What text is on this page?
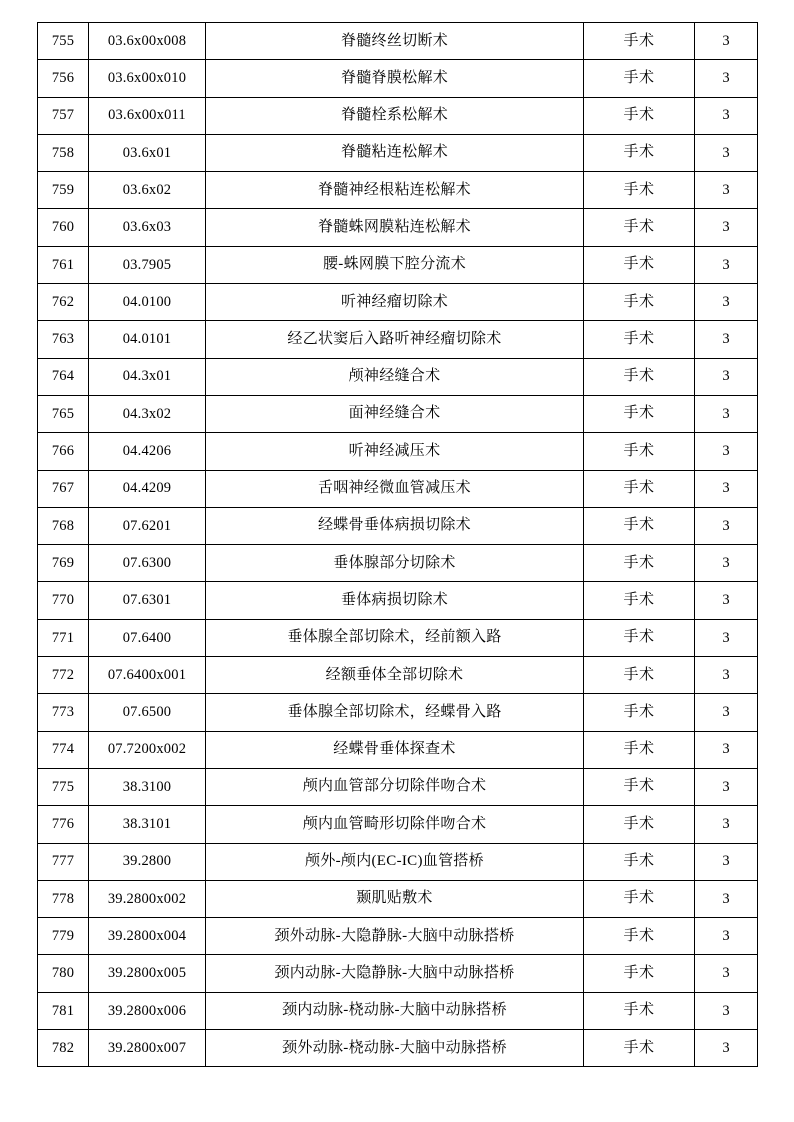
755	03.6x00x008	脊髓终丝切断术	手术	3
756	03.6x00x010	脊髓脊膜松解术	手术	3
757	03.6x00x011	脊髓栓系松解术	手术	3
758	03.6x01	脊髓粘连松解术	手术	3
759	03.6x02	脊髓神经根粘连松解术	手术	3
760	03.6x03	脊髓蛛网膜粘连松解术	手术	3
761	03.7905	腰-蛛网膜下腔分流术	手术	3
762	04.0100	听神经瘤切除术	手术	3
763	04.0101	经乙状窦后入路听神经瘤切除术	手术	3
764	04.3x01	颅神经缝合术	手术	3
765	04.3x02	面神经缝合术	手术	3
766	04.4206	听神经减压术	手术	3
767	04.4209	舌咽神经微血管减压术	手术	3
768	07.6201	经蝶骨垂体病损切除术	手术	3
769	07.6300	垂体腺部分切除术	手术	3
770	07.6301	垂体病损切除术	手术	3
771	07.6400	垂体腺全部切除术，经前额入路	手术	3
772	07.6400x001	经额垂体全部切除术	手术	3
773	07.6500	垂体腺全部切除术，经蝶骨入路	手术	3
774	07.7200x002	经蝶骨垂体探查术	手术	3
775	38.3100	颅内血管部分切除伴吻合术	手术	3
776	38.3101	颅内血管畸形切除伴吻合术	手术	3
777	39.2800	颅外-颅内(EC-IC)血管搭桥	手术	3
778	39.2800x002	颞肌贴敷术	手术	3
779	39.2800x004	颈外动脉-大隐静脉-大脑中动脉搭桥	手术	3
780	39.2800x005	颈内动脉-大隐静脉-大脑中动脉搭桥	手术	3
781	39.2800x006	颈内动脉-桡动脉-大脑中动脉搭桥	手术	3
782	39.2800x007	颈外动脉-桡动脉-大脑中动脉搭桥	手术	3
